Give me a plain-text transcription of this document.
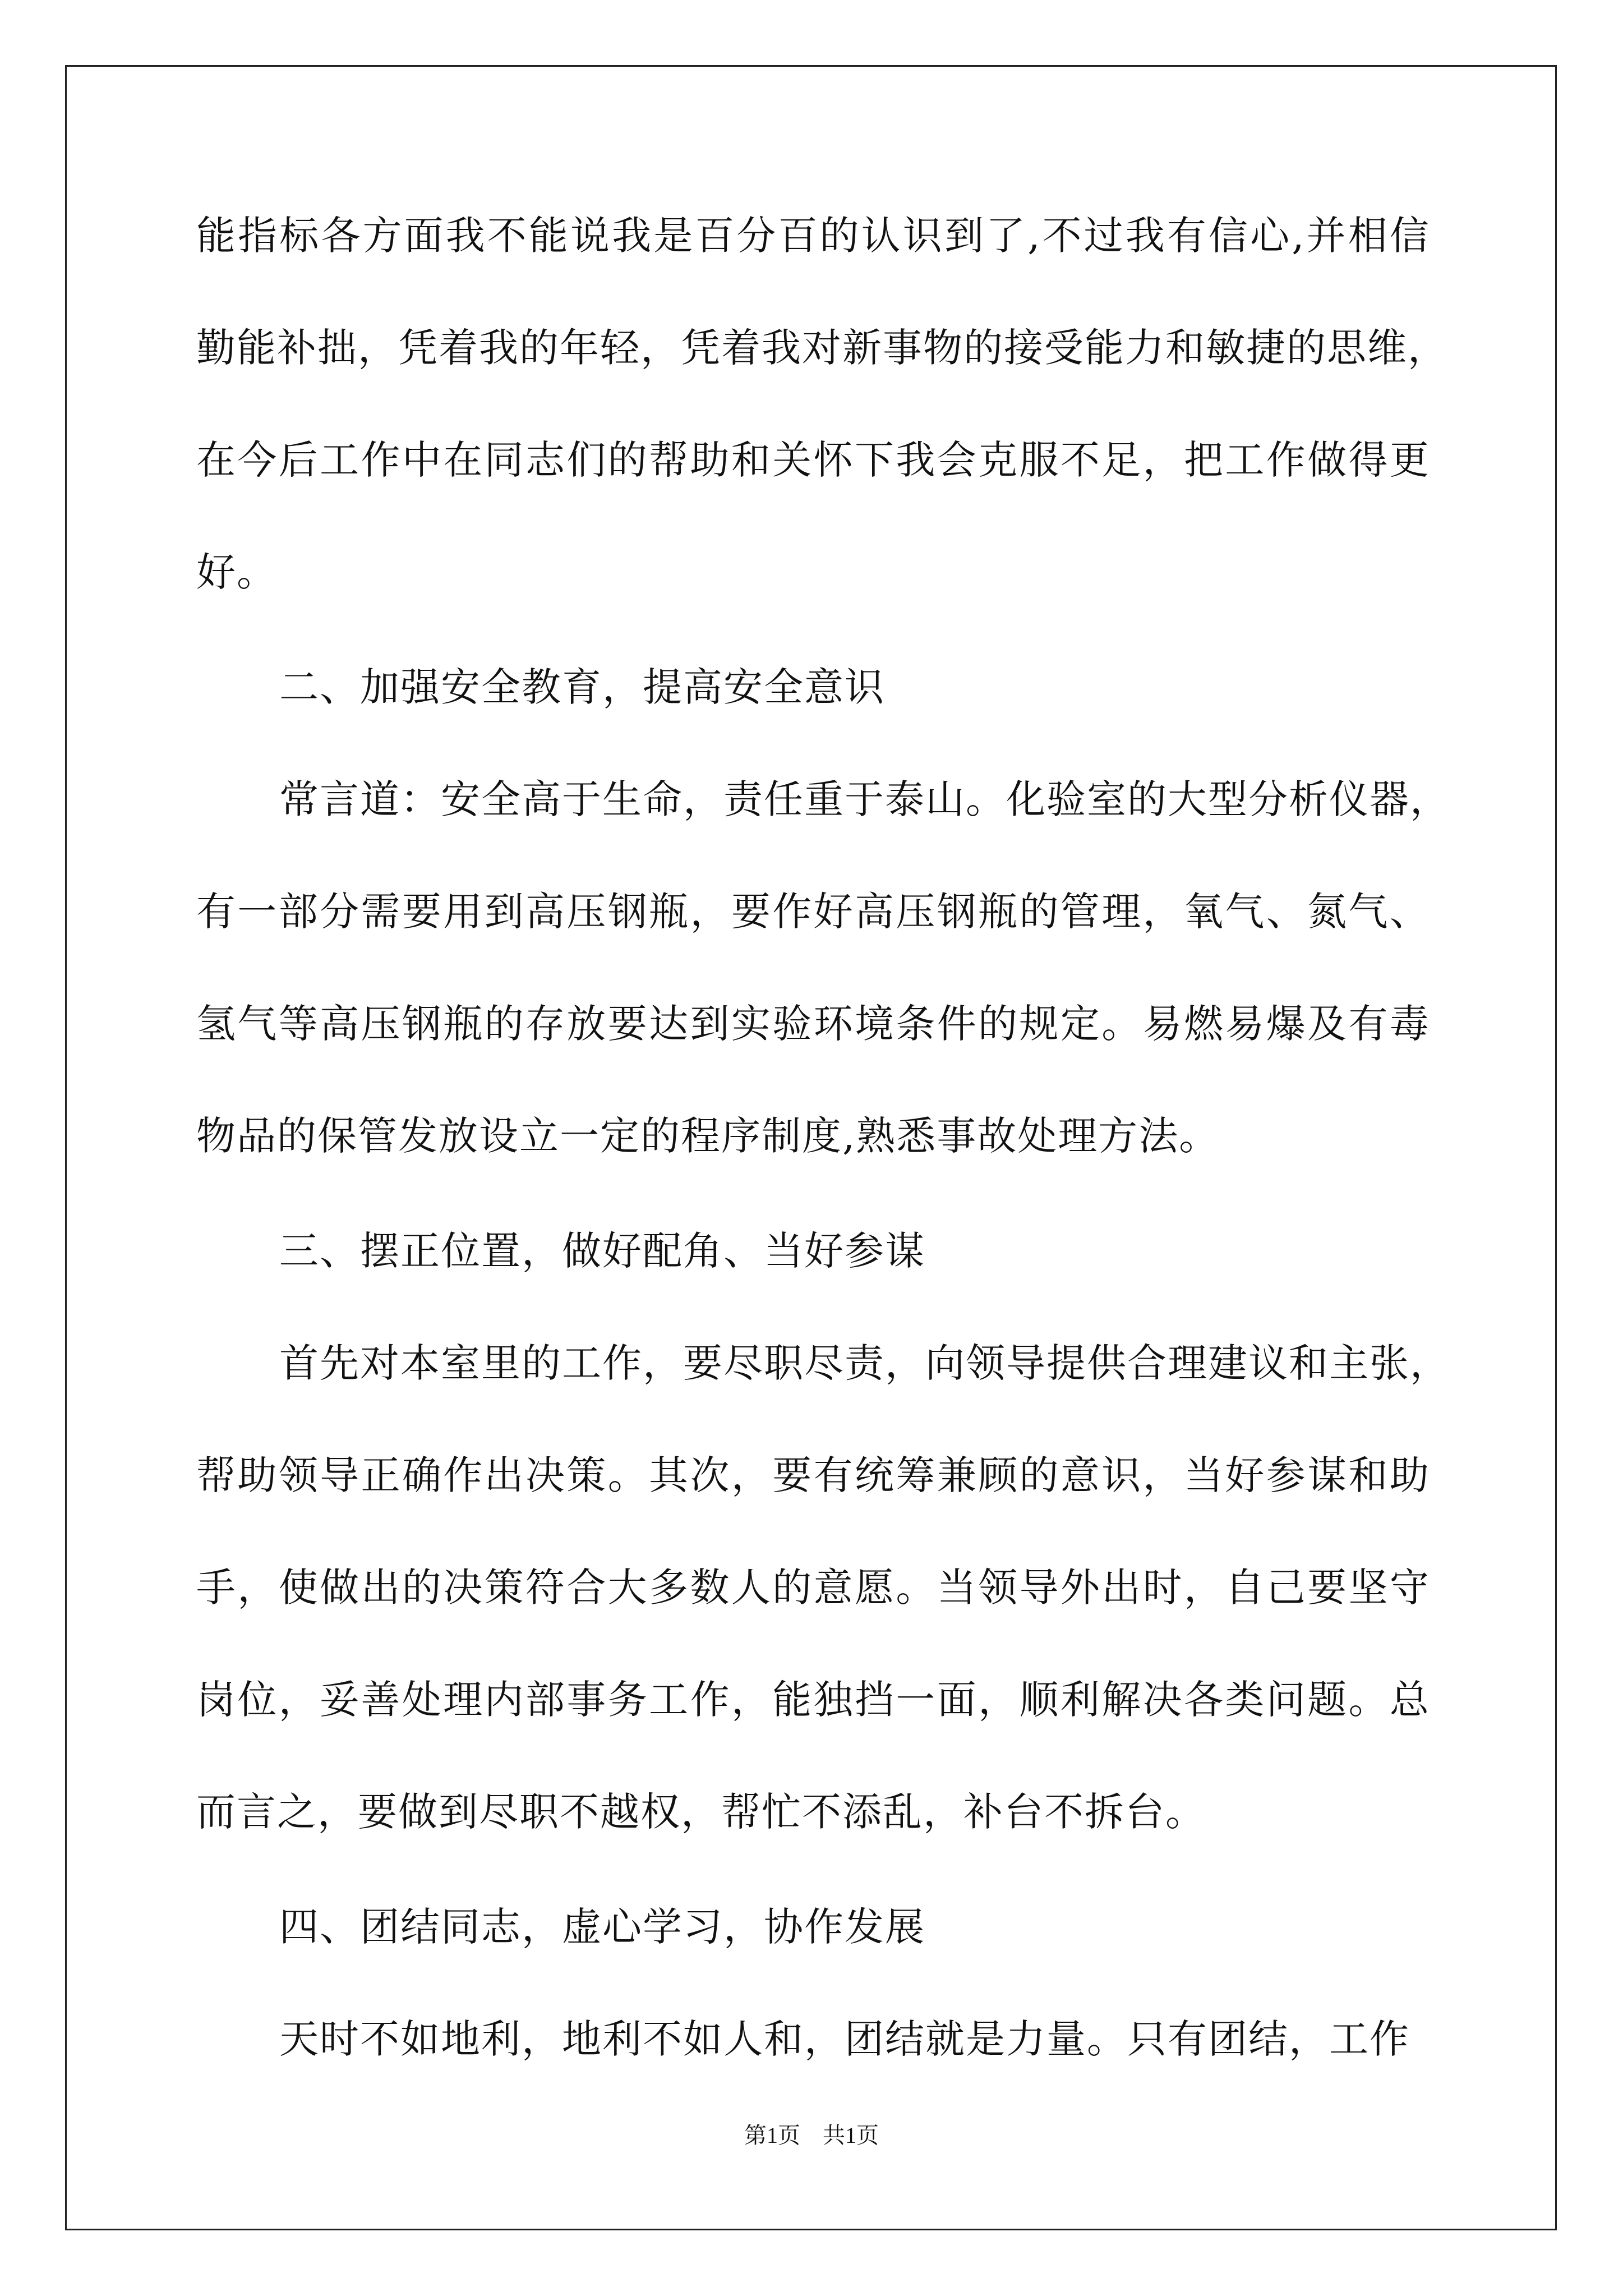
能 指 标 各 方 面 我 不 能 说 我 是 百 分 百 的 认 识 到 了 , 不 过 我 有 信 心 , 并 相 信
勤 能 补 拙 ， 凭 着 我 的 年 轻 ， 凭 着 我 对 新 事 物 的 接 受 能 力 和 敏 捷 的 思 维 ，
在 今 后 工 作 中 在 同 志 们 的 帮 助 和 关 怀 下 我 会 克 服 不 足 ， 把 工 作 做 得 更
好。
二、加强安全教育，提高安全意识
常言道：安全高于生命，责任重于泰山。化验室的大型分析仪器，
有 一 部 分 需 要 用 到 高 压 钢 瓶 ， 要 作 好 高 压 钢 瓶 的 管 理 ， 氧 气 、 氮 气 、
氢 气 等 高 压 钢 瓶 的 存 放 要 达 到 实 验 环 境 条 件 的 规 定 。 易 燃 易 爆 及 有 毒
物品的保管发放设立一定的程序制度,熟悉事故处理方法。
三、摆正位置，做好配角、当好参谋
首先对本室里的工作，要尽职尽责，向领导提供合理建议和主张，
帮 助 领 导 正 确 作 出 决 策 。 其 次 ， 要 有 统 筹 兼 顾 的 意 识 ， 当 好 参 谋 和 助
手 ， 使 做 出 的 决 策 符 合 大 多 数 人 的 意 愿 。 当 领 导 外 出 时 ， 自 己 要 坚 守
岗 位 ， 妥 善 处 理 内 部 事 务 工 作 ， 能 独 挡 一 面 ， 顺 利 解 决 各 类 问 题 。 总
而言之，要做到尽职不越权，帮忙不添乱，补台不拆台。
四、团结同志，虚心学习，协作发展
天时不如地利，地利不如人和，团结就是力量。只有团结，工作
第1页　共1页
